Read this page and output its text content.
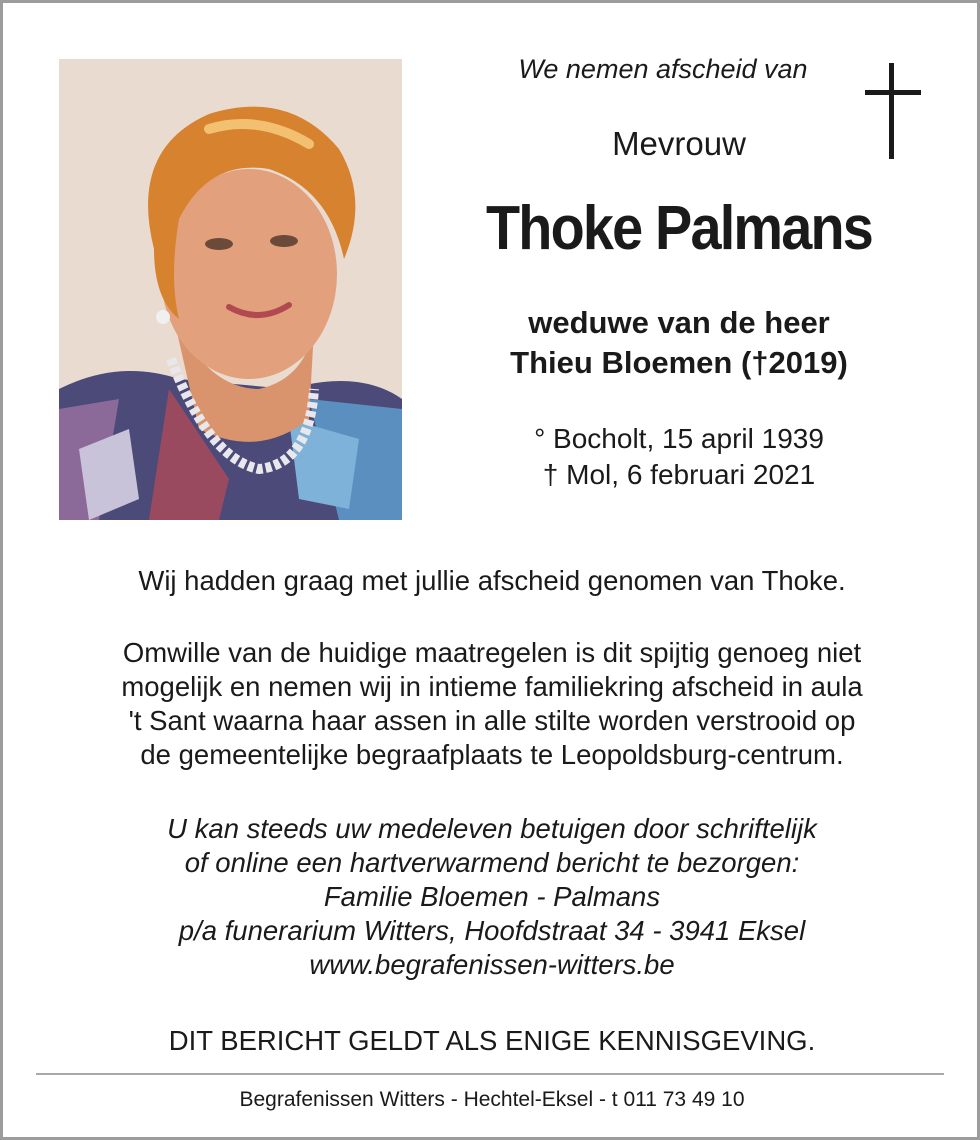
We nemen afscheid van
Mevrouw
Thoke Palmans
weduwe van de heer
Thieu Bloemen (†2019)
° Bocholt, 15 april 1939
† Mol, 6 februari 2021
Wij hadden graag met jullie afscheid genomen van Thoke.
Omwille van de huidige maatregelen is dit spijtig genoeg niet
mogelijk en nemen wij in intieme familiekring afscheid in aula
't Sant waarna haar assen in alle stilte worden verstrooid op
de gemeentelijke begraafplaats te Leopoldsburg-centrum.
U kan steeds uw medeleven betuigen door schriftelijk
of online een hartverwarmend bericht te bezorgen:
Familie Bloemen - Palmans
p/a funerarium Witters, Hoofdstraat 34 - 3941 Eksel
www.begrafenissen-witters.be
DIT BERICHT GELDT ALS ENIGE KENNISGEVING.
Begrafenissen Witters - Hechtel-Eksel - t 011 73 49 10
